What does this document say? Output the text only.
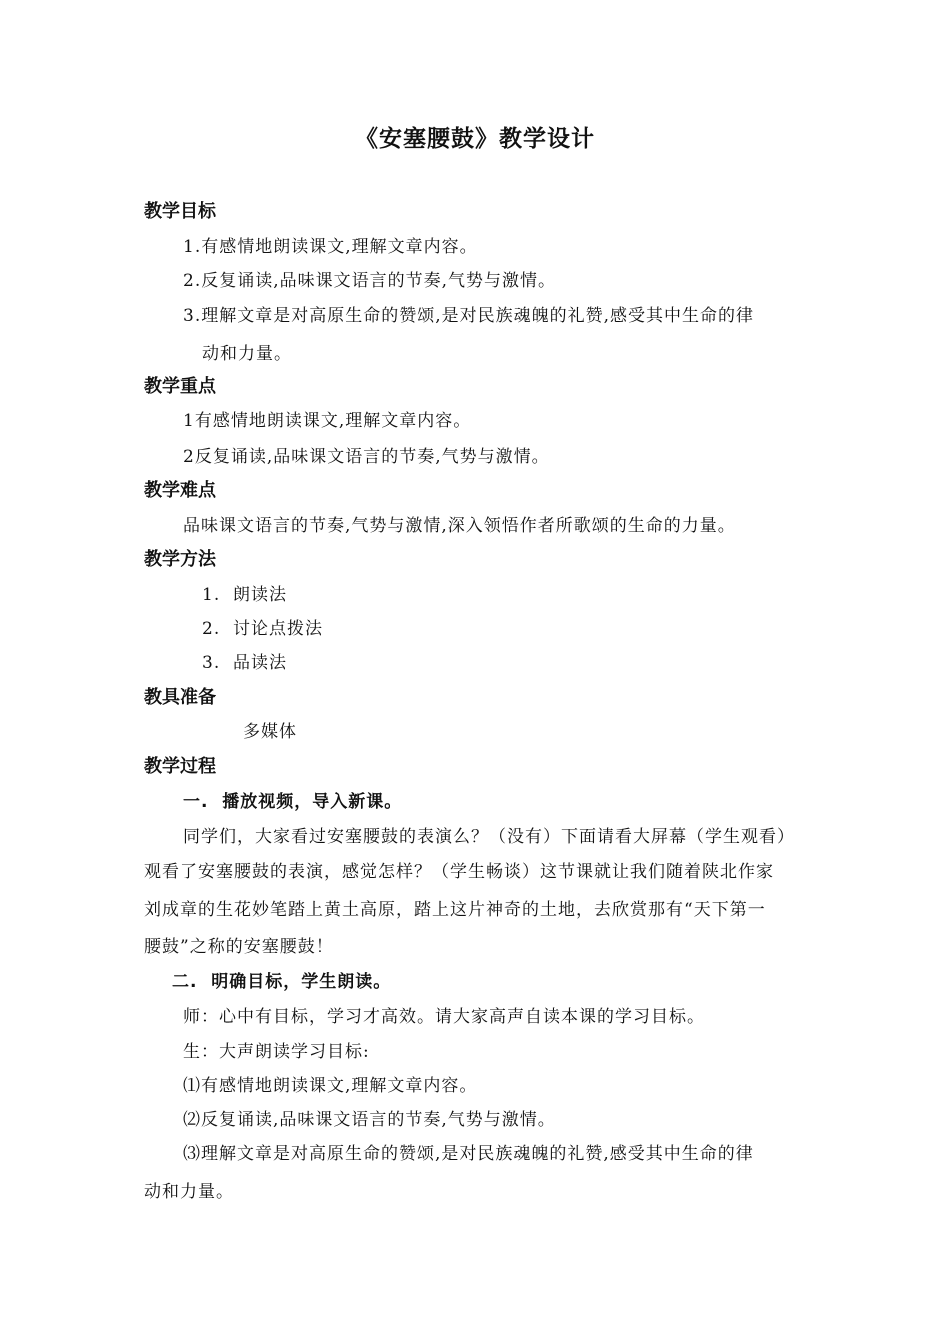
《安塞腰鼓》教学设计
教学目标
1.有感情地朗读课文,理解文章内容。
2.反复诵读,品味课文语言的节奏,气势与激情。
3.理解文章是对高原生命的赞颂,是对民族魂魄的礼赞,感受其中生命的律
动和力量。
教学重点
1有感情地朗读课文,理解文章内容。
2反复诵读,品味课文语言的节奏,气势与激情。
教学难点
品味课文语言的节奏,气势与激情,深入领悟作者所歌颂的生命的力量。
教学方法
1.  朗读法
2.  讨论点拨法
3.  品读法
教具准备
多媒体
教学过程
一.  播放视频，导入新课。
同学们，大家看过安塞腰鼓的表演么？（没有）下面请看大屏幕（学生观看）
观看了安塞腰鼓的表演，感觉怎样？（学生畅谈）这节课就让我们随着陕北作家
刘成章的生花妙笔踏上黄土高原，踏上这片神奇的土地，去欣赏那有“天下第一
腰鼓”之称的安塞腰鼓！
二.  明确目标，学生朗读。
师：心中有目标，学习才高效。请大家高声自读本课的学习目标。
生：大声朗读学习目标:
⑴有感情地朗读课文,理解文章内容。
⑵反复诵读,品味课文语言的节奏,气势与激情。
⑶理解文章是对高原生命的赞颂,是对民族魂魄的礼赞,感受其中生命的律
动和力量。
